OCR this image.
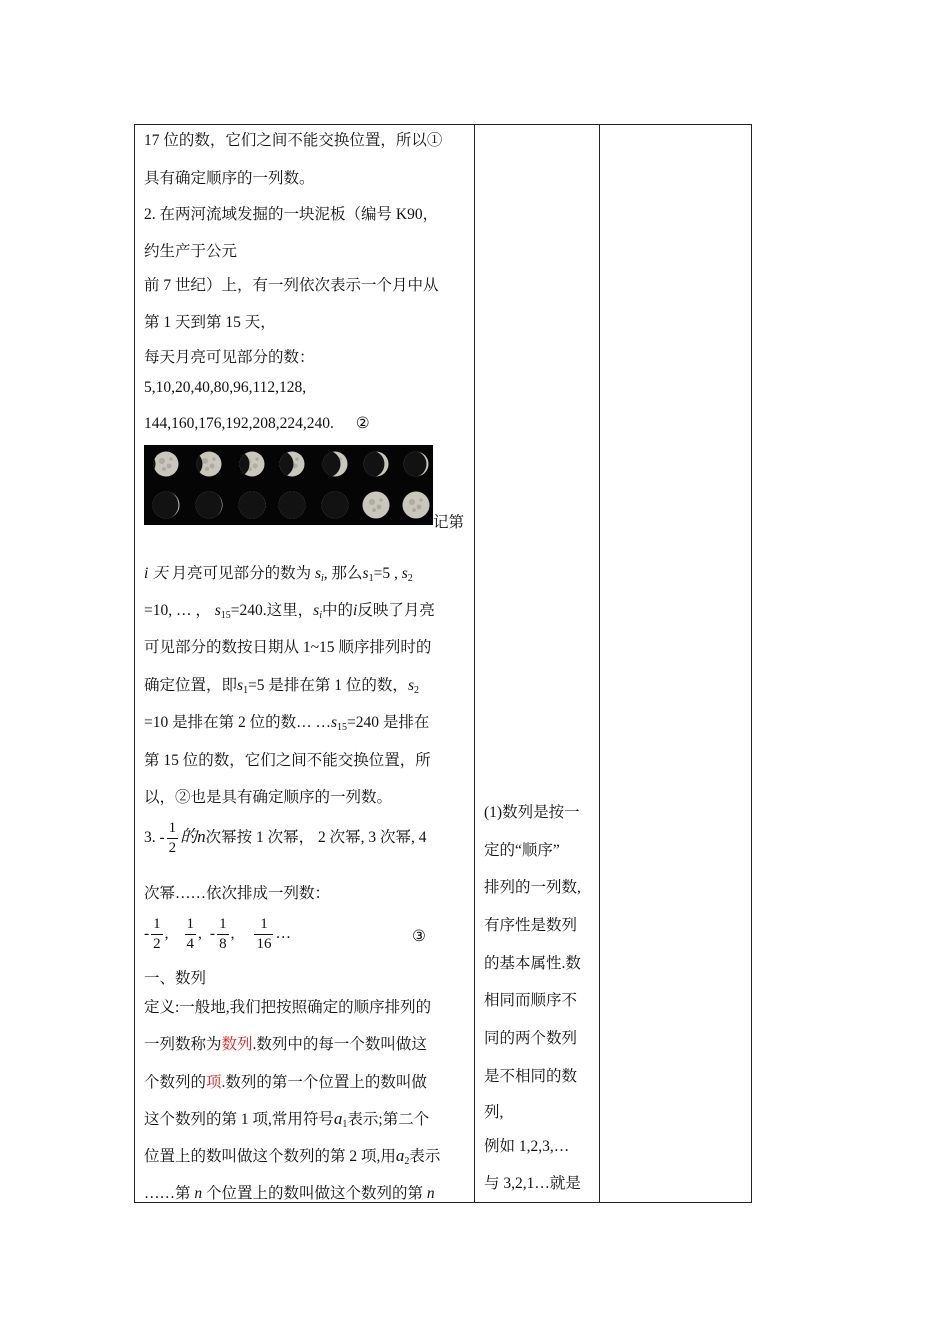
17 位的数，它们之间不能交换位置，所以①
具有确定顺序的一列数。
2. 在两河流域发掘的一块泥板（编号 K90，
约生产于公元
前 7 世纪）上，有一列依次表示一个月中从
第 1 天到第 15 天，
每天月亮可见部分的数：
5,10,20,40,80,96,112,128,
144,160,176,192,208,224,240. ②
记第
i 天 月亮可见部分的数为 $s_i$, 那么$s_1=5$ , $s_2$
=10, … ， $s_{15}=240$.这里，$s_i$中的i反映了月亮
可见部分的数按日期从 1~15 顺序排列时的
确定位置，即$s_1=5$ 是排在第 1 位的数，$s_2$
=10 是排在第 2 位的数… $\dots s_{15}=240$ 是排在
第 15 位的数，它们之间不能交换位置，所
以，②也是具有确定顺序的一列数。
3. - $\frac{1}{2}$ 的n次幂按 1 次幂， 2 次幂, 3 次幂, 4
次幂……依次排成一列数：
- $\frac{1}{2}$ , $\frac{1}{4}$ , - $\frac{1}{8}$ , $\frac{1}{16}$ …	③
一、数列
定义:一般地,我们把按照确定的顺序排列的
一列数称为数列.数列中的每一个数叫做这
个数列的项.数列的第一个位置上的数叫做
这个数列的第 1 项,常用符号$a_1$表示;第二个
位置上的数叫做这个数列的第 2 项,用$a_2$表示
……第 n 个位置上的数叫做这个数列的第 n
(1)数列是按一
定的“顺序”
排列的一列数,
有序性是数列
的基本属性.数
相同而顺序不
同的两个数列
是不相同的数
列,
例如 1,2,3,…
与 3,2,1…就是
